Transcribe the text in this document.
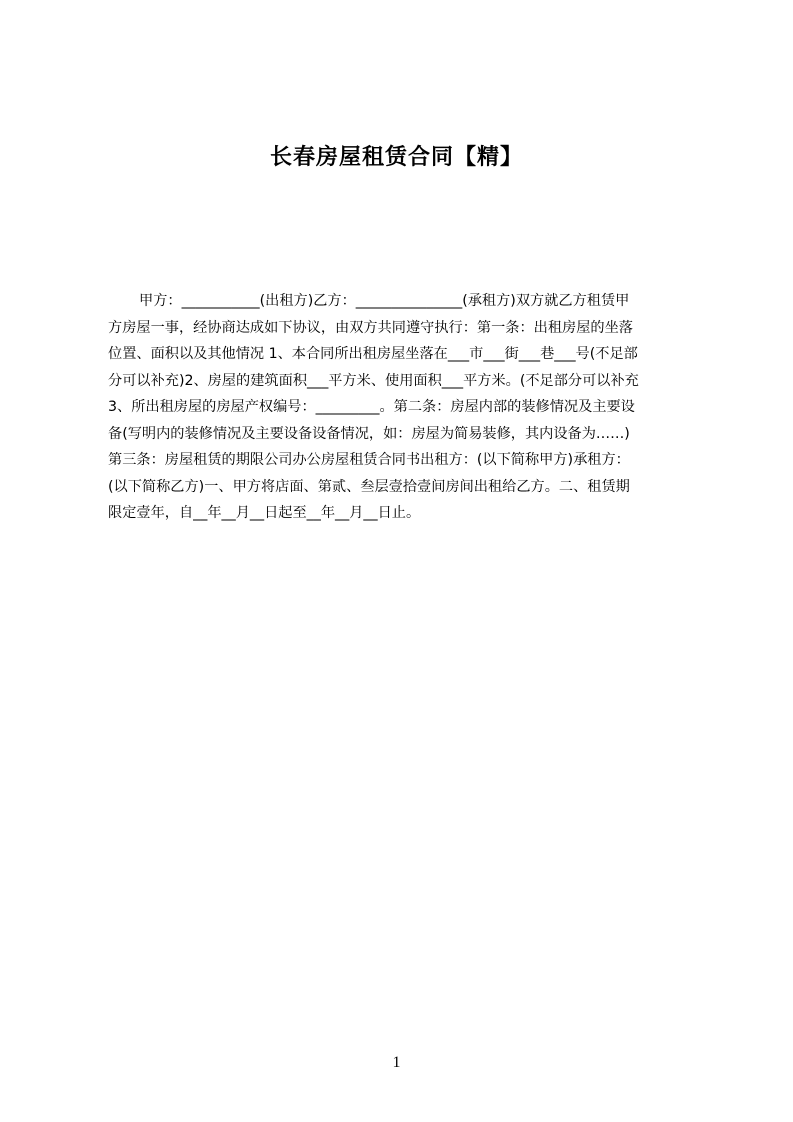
长春房屋租赁合同【精】
甲方：___________(出租方)乙方：_______________(承租方)双方就乙方租赁甲
方房屋一事，经协商达成如下协议，由双方共同遵守执行：第一条：出租房屋的坐落
位置、面积以及其他情况 1、本合同所出租房屋坐落在___市___街___巷___号(不足部
分可以补充)2、房屋的建筑面积___平方米、使用面积___平方米。(不足部分可以补充
3、所出租房屋的房屋产权编号：_________。第二条：房屋内部的装修情况及主要设
备(写明内的装修情况及主要设备设备情况，如：房屋为简易装修，其内设备为……)
第三条：房屋租赁的期限公司办公房屋租赁合同书出租方：(以下简称甲方)承租方：
(以下简称乙方)一、甲方将店面、第贰、叁层壹拾壹间房间出租给乙方。二、租赁期
限定壹年，自__年__月__日起至__年__月__日止。
1
